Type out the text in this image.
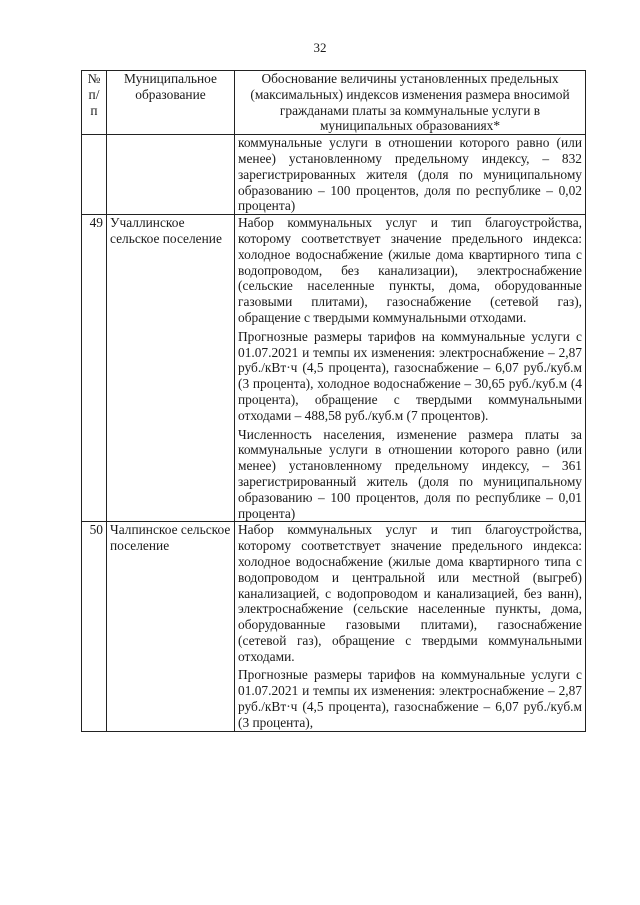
32
№ п/п	Муниципальное образование	Обоснование величины установленных предельных (максимальных) индексов изменения размера вносимой гражданами платы за коммунальные услуги в муниципальных образованиях*

		коммунальные услуги в отношении которого равно (или менее) установленному предельному индексу, – 832 зарегистрированных жителя (доля по муниципальному образованию – 100 процентов, доля по республике – 0,02 процента)

49	Учаллинское сельское поселение	Набор коммунальных услуг и тип благоустройства, которому соответствует значение предельного индекса: холодное водоснабжение (жилые дома квартирного типа с водопроводом, без канализации), электроснабжение (сельские населенные пункты, дома, оборудованные газовыми плитами), газоснабжение (сетевой газ), обращение с твердыми коммунальными отходами.
Прогнозные размеры тарифов на коммунальные услуги с 01.07.2021 и темпы их изменения: электроснабжение – 2,87 руб./кВт·ч (4,5 процента), газоснабжение – 6,07 руб./куб.м (3 процента), холодное водоснабжение – 30,65 руб./куб.м (4 процента), обращение с твердыми коммунальными отходами – 488,58 руб./куб.м (7 процентов).
Численность населения, изменение размера платы за коммунальные услуги в отношении которого равно (или менее) установленному предельному индексу, – 361 зарегистрированный житель (доля по муниципальному образованию – 100 процентов, доля по республике – 0,01 процента)

50	Чалпинское сельское поселение	Набор коммунальных услуг и тип благоустройства, которому соответствует значение предельного индекса: холодное водоснабжение (жилые дома квартирного типа с водопроводом и центральной или местной (выгреб) канализацией, с водопроводом и канализацией, без ванн), электроснабжение (сельские населенные пункты, дома, оборудованные газовыми плитами), газоснабжение (сетевой газ), обращение с твердыми коммунальными отходами.
Прогнозные размеры тарифов на коммунальные услуги с 01.07.2021 и темпы их изменения: электроснабжение – 2,87 руб./кВт·ч (4,5 процента), газоснабжение – 6,07 руб./куб.м (3 процента),
